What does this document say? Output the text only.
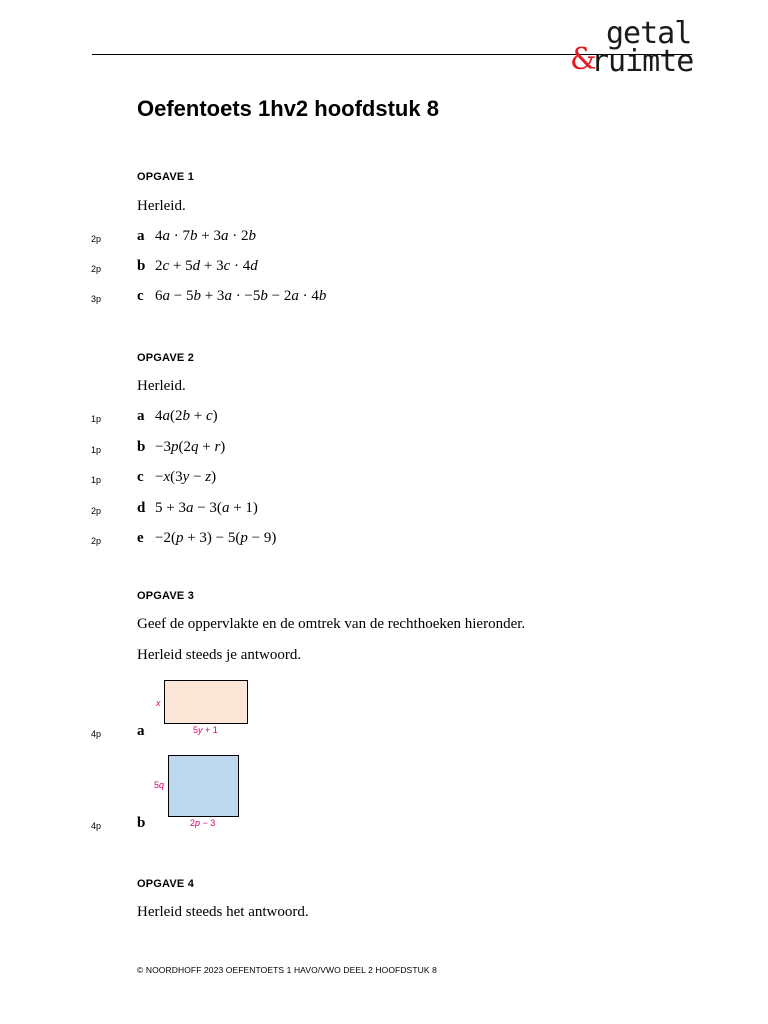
getal
&
ruimte
Oefentoets 1hv2 hoofdstuk 8
OPGAVE 1
Herleid.
2p a 4a · 7b + 3a · 2b
2p b 2c + 5d + 3c · 4d
3p c 6a − 5b + 3a · −5b − 2a · 4b
OPGAVE 2
Herleid.
1p a 4a(2b + c)
1p b −3p(2q + r)
1p c −x(3y − z)
2p d 5 + 3a − 3(a + 1)
2p e −2(p + 3) − 5(p − 9)
OPGAVE 3
Geef de oppervlakte en de omtrek van de rechthoeken hieronder.
Herleid steeds je antwoord.
x
5y + 1
4p a
5q
2p − 3
4p b
OPGAVE 4
Herleid steeds het antwoord.
© NOORDHOFF 2023 OEFENTOETS 1 HAVO/VWO DEEL 2 HOOFDSTUK 8
